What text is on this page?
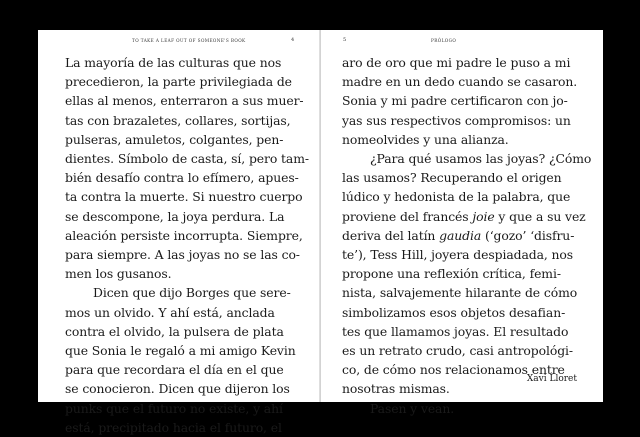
TO TAKE A LEAF OUT OF SOMEONE'S BOOK	4
La mayoría de las culturas que nos
precedieron, la parte privilegiada de
ellas al menos, enterraron a sus muer-
tas con brazaletes, collares, sortijas,
pulseras, amuletos, colgantes, pen-
dientes. Símbolo de casta, sí, pero tam-
bién desafío contra lo efímero, apues-
ta contra la muerte. Si nuestro cuerpo
se descompone, la joya perdura. La
aleación persiste incorrupta. Siempre,
para siempre. A las joyas no se las co-
men los gusanos.
Dicen que dijo Borges que sere-
mos un olvido. Y ahí está, anclada
contra el olvido, la pulsera de plata
que Sonia le regaló a mi amigo Kevin
para que recordara el día en el que
se conocieron. Dicen que dijeron los
punks que el futuro no existe, y ahí
está, precipitado hacia el futuro, el
5	PRÓLOGO
aro de oro que mi padre le puso a mi
madre en un dedo cuando se casaron.
Sonia y mi padre certificaron con jo-
yas sus respectivos compromisos: un
nomeolvides y una alianza.
¿Para qué usamos las joyas? ¿Cómo
las usamos? Recuperando el origen
lúdico y hedonista de la palabra, que
proviene del francés joie y que a su vez
deriva del latín gaudia (‘gozo’ ‘disfru-
te’), Tess Hill, joyera despiadada, nos
propone una reflexión crítica, femi-
nista, salvajemente hilarante de cómo
simbolizamos esos objetos desafian-
tes que llamamos joyas. El resultado
es un retrato crudo, casi antropológi-
co, de cómo nos relacionamos entre
nosotras mismas.
Pasen y vean.
Xavi Lloret
